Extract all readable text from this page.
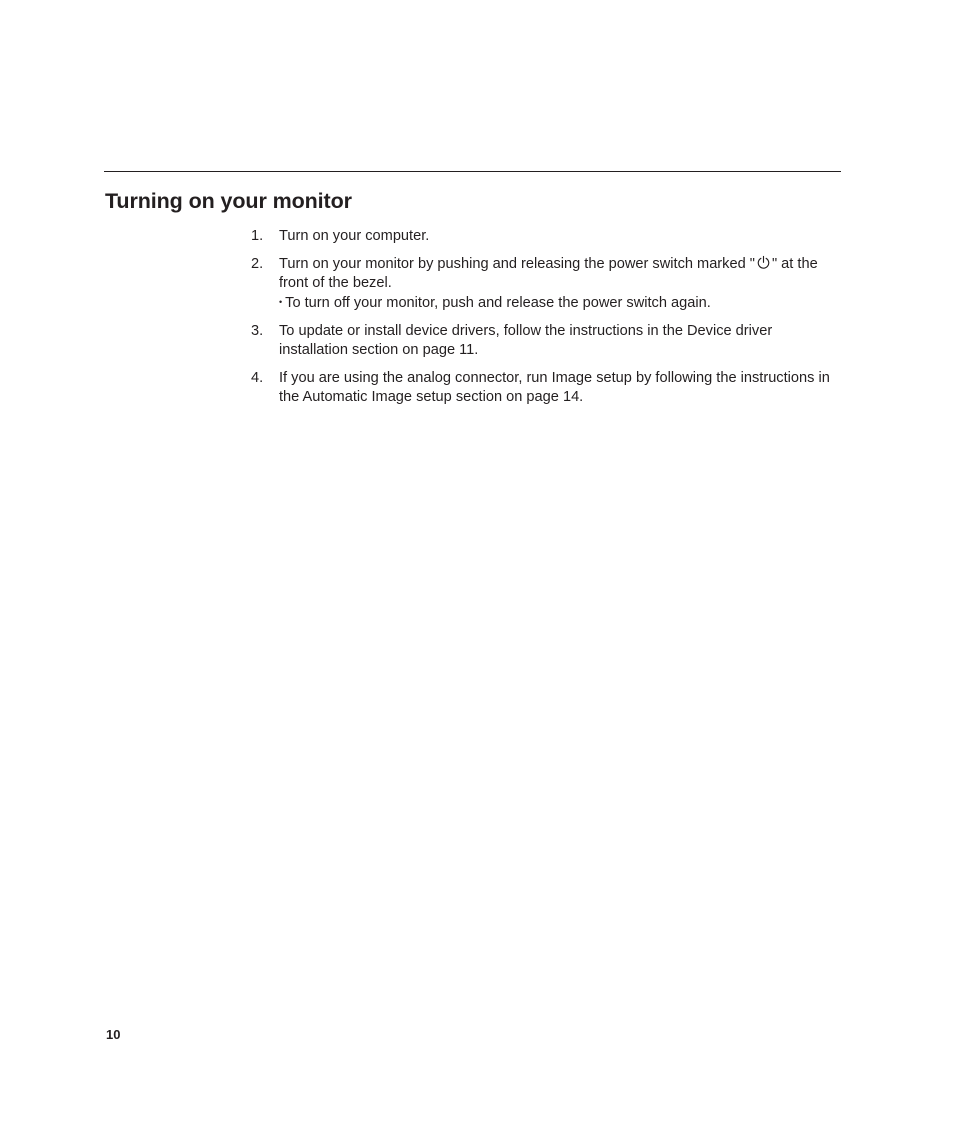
Turning on your monitor
1. Turn on your computer.
2. Turn on your monitor by pushing and releasing the power switch marked " " at the front of the bezel.
• To turn off your monitor, push and release the power switch again.
3. To update or install device drivers, follow the instructions in the Device driver installation section on page 11.
4. If you are using the analog connector, run Image setup by following the instructions in the Automatic Image setup section on page 14.
10
